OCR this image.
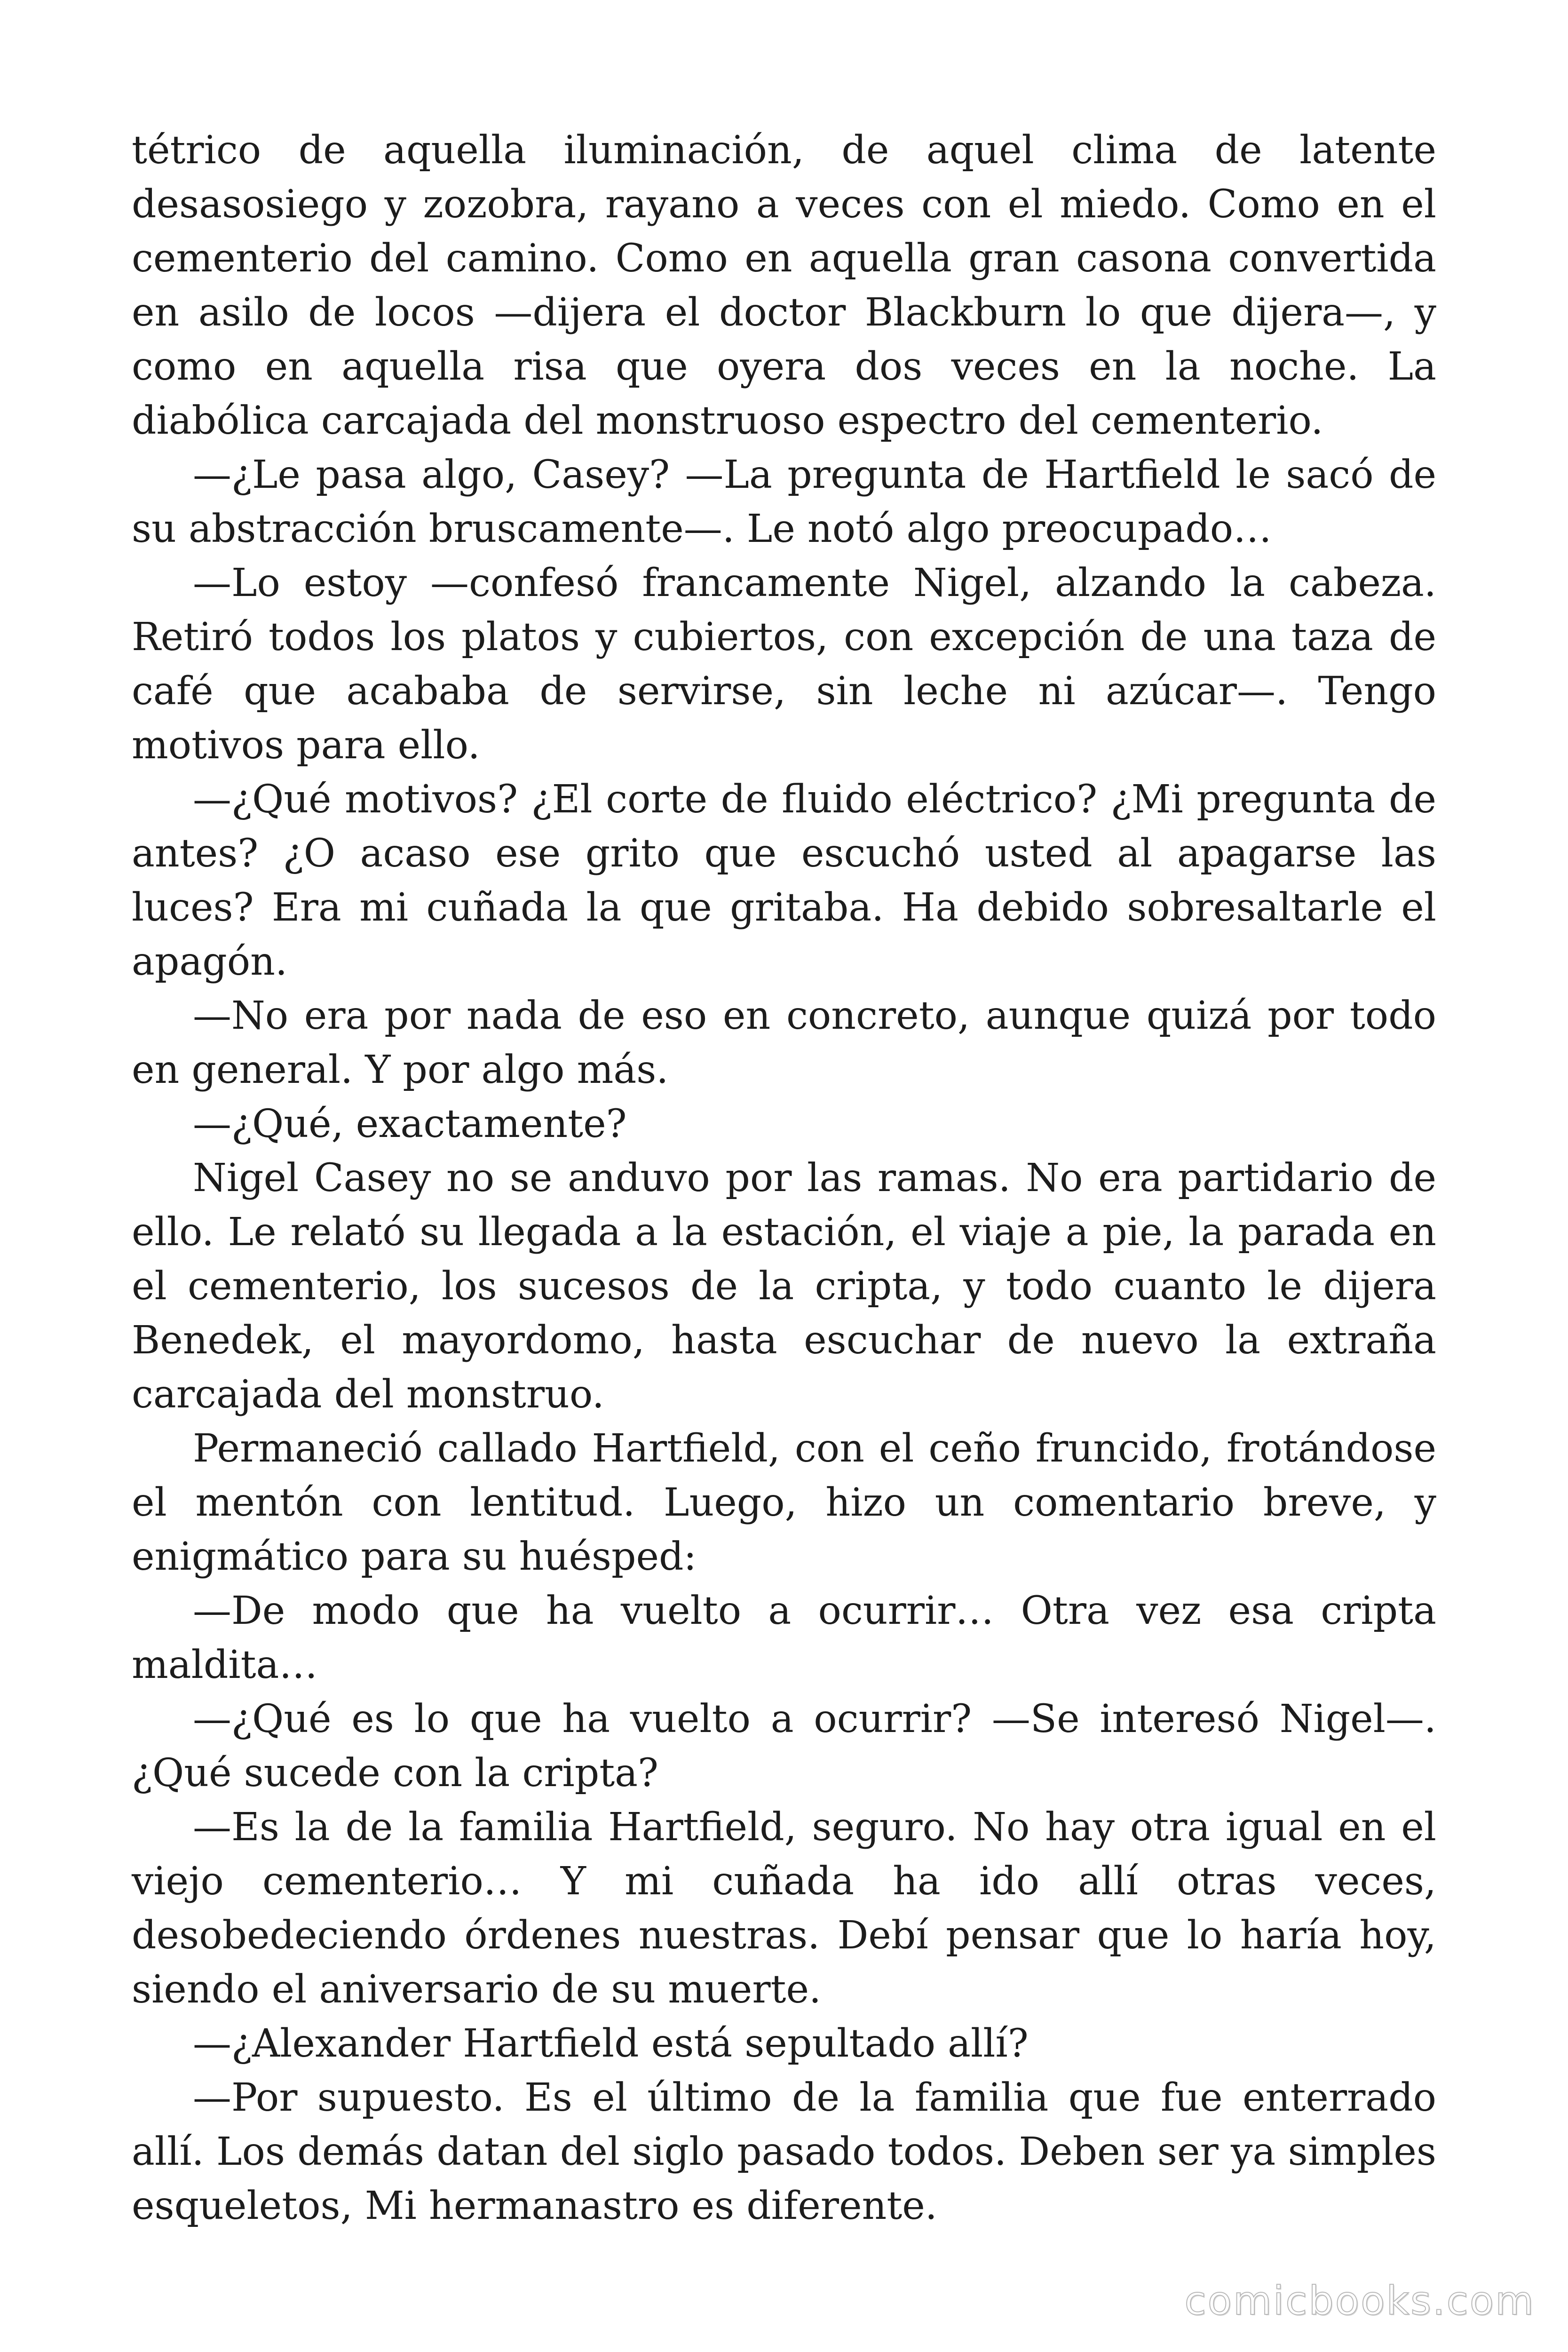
tétrico de aquella iluminación, de aquel clima de latente desasosiego y zozobra, rayano a veces con el miedo. Como en el cementerio del camino. Como en aquella gran casona convertida en asilo de locos —dijera el doctor Blackburn lo que dijera—, y como en aquella risa que oyera dos veces en la noche. La diabólica carcajada del monstruoso espectro del cementerio.

—¿Le pasa algo, Casey? —La pregunta de Hartfield le sacó de su abstracción bruscamente—. Le notó algo preocupado…

—Lo estoy —confesó francamente Nigel, alzando la cabeza. Retiró todos los platos y cubiertos, con excepción de una taza de café que acababa de servirse, sin leche ni azúcar—. Tengo motivos para ello.

—¿Qué motivos? ¿El corte de fluido eléctrico? ¿Mi pregunta de antes? ¿O acaso ese grito que escuchó usted al apagarse las luces? Era mi cuñada la que gritaba. Ha debido sobresaltarle el apagón.

—No era por nada de eso en concreto, aunque quizá por todo en general. Y por algo más.

—¿Qué, exactamente?

Nigel Casey no se anduvo por las ramas. No era partidario de ello. Le relató su llegada a la estación, el viaje a pie, la parada en el cementerio, los sucesos de la cripta, y todo cuanto le dijera Benedek, el mayordomo, hasta escuchar de nuevo la extraña carcajada del monstruo.

Permaneció callado Hartfield, con el ceño fruncido, frotándose el mentón con lentitud. Luego, hizo un comentario breve, y enigmático para su huésped:

—De modo que ha vuelto a ocurrir… Otra vez esa cripta maldita…

—¿Qué es lo que ha vuelto a ocurrir? —Se interesó Nigel—. ¿Qué sucede con la cripta?

—Es la de la familia Hartfield, seguro. No hay otra igual en el viejo cementerio… Y mi cuñada ha ido allí otras veces, desobedeciendo órdenes nuestras. Debí pensar que lo haría hoy, siendo el aniversario de su muerte.

—¿Alexander Hartfield está sepultado allí?

—Por supuesto. Es el último de la familia que fue enterrado allí. Los demás datan del siglo pasado todos. Deben ser ya simples esqueletos, Mi hermanastro es diferente.

comicbooks.com
